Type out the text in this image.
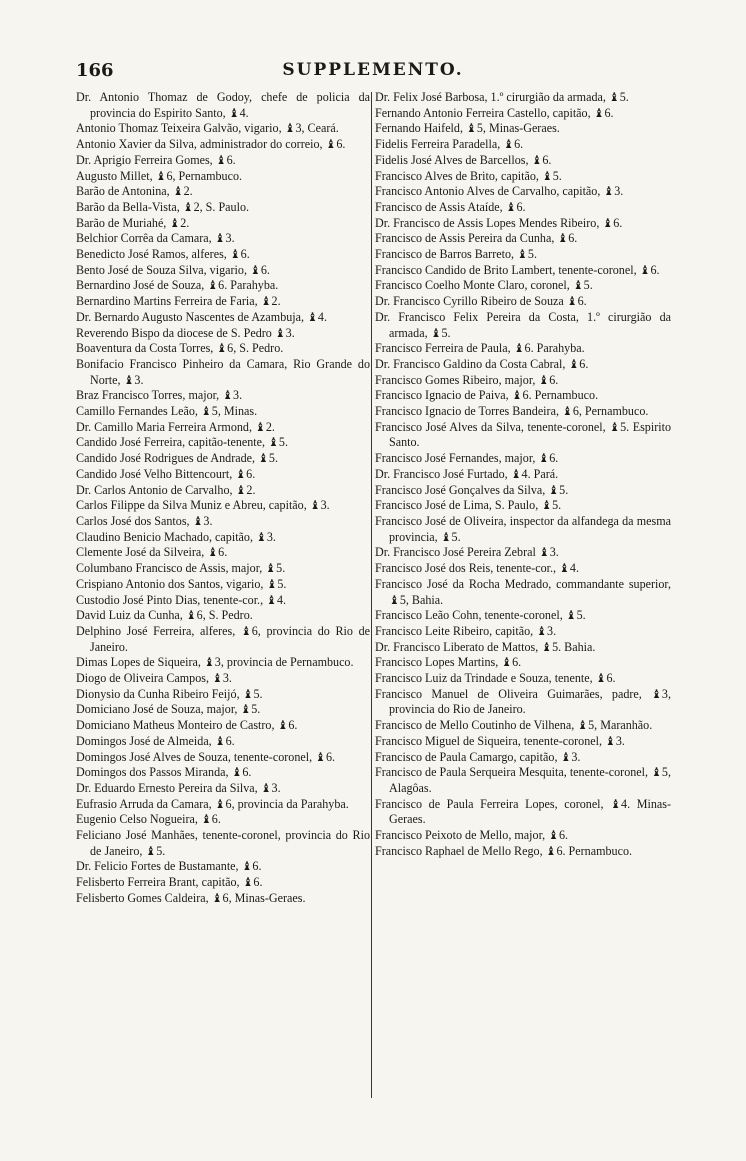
166	SUPPLEMENTO.
Dr. Antonio Thomaz de Godoy, chefe de policia da provincia do Espirito Santo, ♝4.
Antonio Thomaz Teixeira Galvão, vigario, ♝3, Ceará.
Antonio Xavier da Silva, administrador do correio, ♝6.
Dr. Aprigio Ferreira Gomes, ♝6.
Augusto Millet, ♝6, Pernambuco.
Barão de Antonina, ♝2.
Barão da Bella-Vista, ♝2, S. Paulo.
Barão de Muriahé, ♝2.
Belchior Corrêa da Camara, ♝3.
Benedicto José Ramos, alferes, ♝6.
Bento José de Souza Silva, vigario, ♝6.
Bernardino José de Souza, ♝6. Parahyba.
Bernardino Martins Ferreira de Faria, ♝2.
Dr. Bernardo Augusto Nascentes de Azambuja, ♝4.
Reverendo Bispo da diocese de S. Pedro ♝3.
Boaventura da Costa Torres, ♝6, S. Pedro.
Bonifacio Francisco Pinheiro da Camara, Rio Grande do Norte, ♝3.
Braz Francisco Torres, major, ♝3.
Camillo Fernandes Leão, ♝5, Minas.
Dr. Camillo Maria Ferreira Armond, ♝2.
Candido José Ferreira, capitão-tenente, ♝5.
Candido José Rodrigues de Andrade, ♝5.
Candido José Velho Bittencourt, ♝6.
Dr. Carlos Antonio de Carvalho, ♝2.
Carlos Filippe da Silva Muniz e Abreu, capitão, ♝3.
Carlos José dos Santos, ♝3.
Claudino Benicio Machado, capitão, ♝3.
Clemente José da Silveira, ♝6.
Columbano Francisco de Assis, major, ♝5.
Crispiano Antonio dos Santos, vigario, ♝5.
Custodio José Pinto Dias, tenente-cor., ♝4.
David Luiz da Cunha, ♝6, S. Pedro.
Delphino José Ferreira, alferes, ♝6, provincia do Rio de Janeiro.
Dimas Lopes de Siqueira, ♝3, provincia de Pernambuco.
Diogo de Oliveira Campos, ♝3.
Dionysio da Cunha Ribeiro Feijó, ♝5.
Domiciano José de Souza, major, ♝5.
Domiciano Matheus Monteiro de Castro, ♝6.
Domingos José de Almeida, ♝6.
Domingos José Alves de Souza, tenente-coronel, ♝6.
Domingos dos Passos Miranda, ♝6.
Dr. Eduardo Ernesto Pereira da Silva, ♝3.
Eufrasio Arruda da Camara, ♝6, provincia da Parahyba.
Eugenio Celso Nogueira, ♝6.
Feliciano José Manhães, tenente-coronel, provincia do Rio de Janeiro, ♝5.
Dr. Felicio Fortes de Bustamante, ♝6.
Felisberto Ferreira Brant, capitão, ♝6.
Felisberto Gomes Caldeira, ♝6, Minas-Geraes.
Dr. Felix José Barbosa, 1.º cirurgião da armada, ♝5.
Fernando Antonio Ferreira Castello, capitão, ♝6.
Fernando Haifeld, ♝5, Minas-Geraes.
Fidelis Ferreira Paradella, ♝6.
Fidelis José Alves de Barcellos, ♝6.
Francisco Alves de Brito, capitão, ♝5.
Francisco Antonio Alves de Carvalho, capitão, ♝3.
Francisco de Assis Ataíde, ♝6.
Dr. Francisco de Assis Lopes Mendes Ribeiro, ♝6.
Francisco de Assis Pereira da Cunha, ♝6.
Francisco de Barros Barreto, ♝5.
Francisco Candido de Brito Lambert, tenente-coronel, ♝6.
Francisco Coelho Monte Claro, coronel, ♝5.
Dr. Francisco Cyrillo Ribeiro de Souza ♝6.
Dr. Francisco Felix Pereira da Costa, 1.º cirurgião da armada, ♝5.
Francisco Ferreira de Paula, ♝6. Parahyba.
Dr. Francisco Galdino da Costa Cabral, ♝6.
Francisco Gomes Ribeiro, major, ♝6.
Francisco Ignacio de Paiva, ♝6. Pernambuco.
Francisco Ignacio de Torres Bandeira, ♝6, Pernambuco.
Francisco José Alves da Silva, tenente-coronel, ♝5. Espirito Santo.
Francisco José Fernandes, major, ♝6.
Dr. Francisco José Furtado, ♝4. Pará.
Francisco José Gonçalves da Silva, ♝5.
Francisco José de Lima, S. Paulo, ♝5.
Francisco José de Oliveira, inspector da alfandega da mesma provincia, ♝5.
Dr. Francisco José Pereira Zebral ♝3.
Francisco José dos Reis, tenente-cor., ♝4.
Francisco José da Rocha Medrado, commandante superior, ♝5, Bahia.
Francisco Leão Cohn, tenente-coronel, ♝5.
Francisco Leite Ribeiro, capitão, ♝3.
Dr. Francisco Liberato de Mattos, ♝5. Bahia.
Francisco Lopes Martins, ♝6.
Francisco Luiz da Trindade e Souza, tenente, ♝6.
Francisco Manuel de Oliveira Guimarães, padre, ♝3, provincia do Rio de Janeiro.
Francisco de Mello Coutinho de Vilhena, ♝5, Maranhão.
Francisco Miguel de Siqueira, tenente-coronel, ♝3.
Francisco de Paula Camargo, capitão, ♝3.
Francisco de Paula Serqueira Mesquita, tenente-coronel, ♝5, Alagôas.
Francisco de Paula Ferreira Lopes, coronel, ♝4. Minas-Geraes.
Francisco Peixoto de Mello, major, ♝6.
Francisco Raphael de Mello Rego, ♝6. Pernambuco.
